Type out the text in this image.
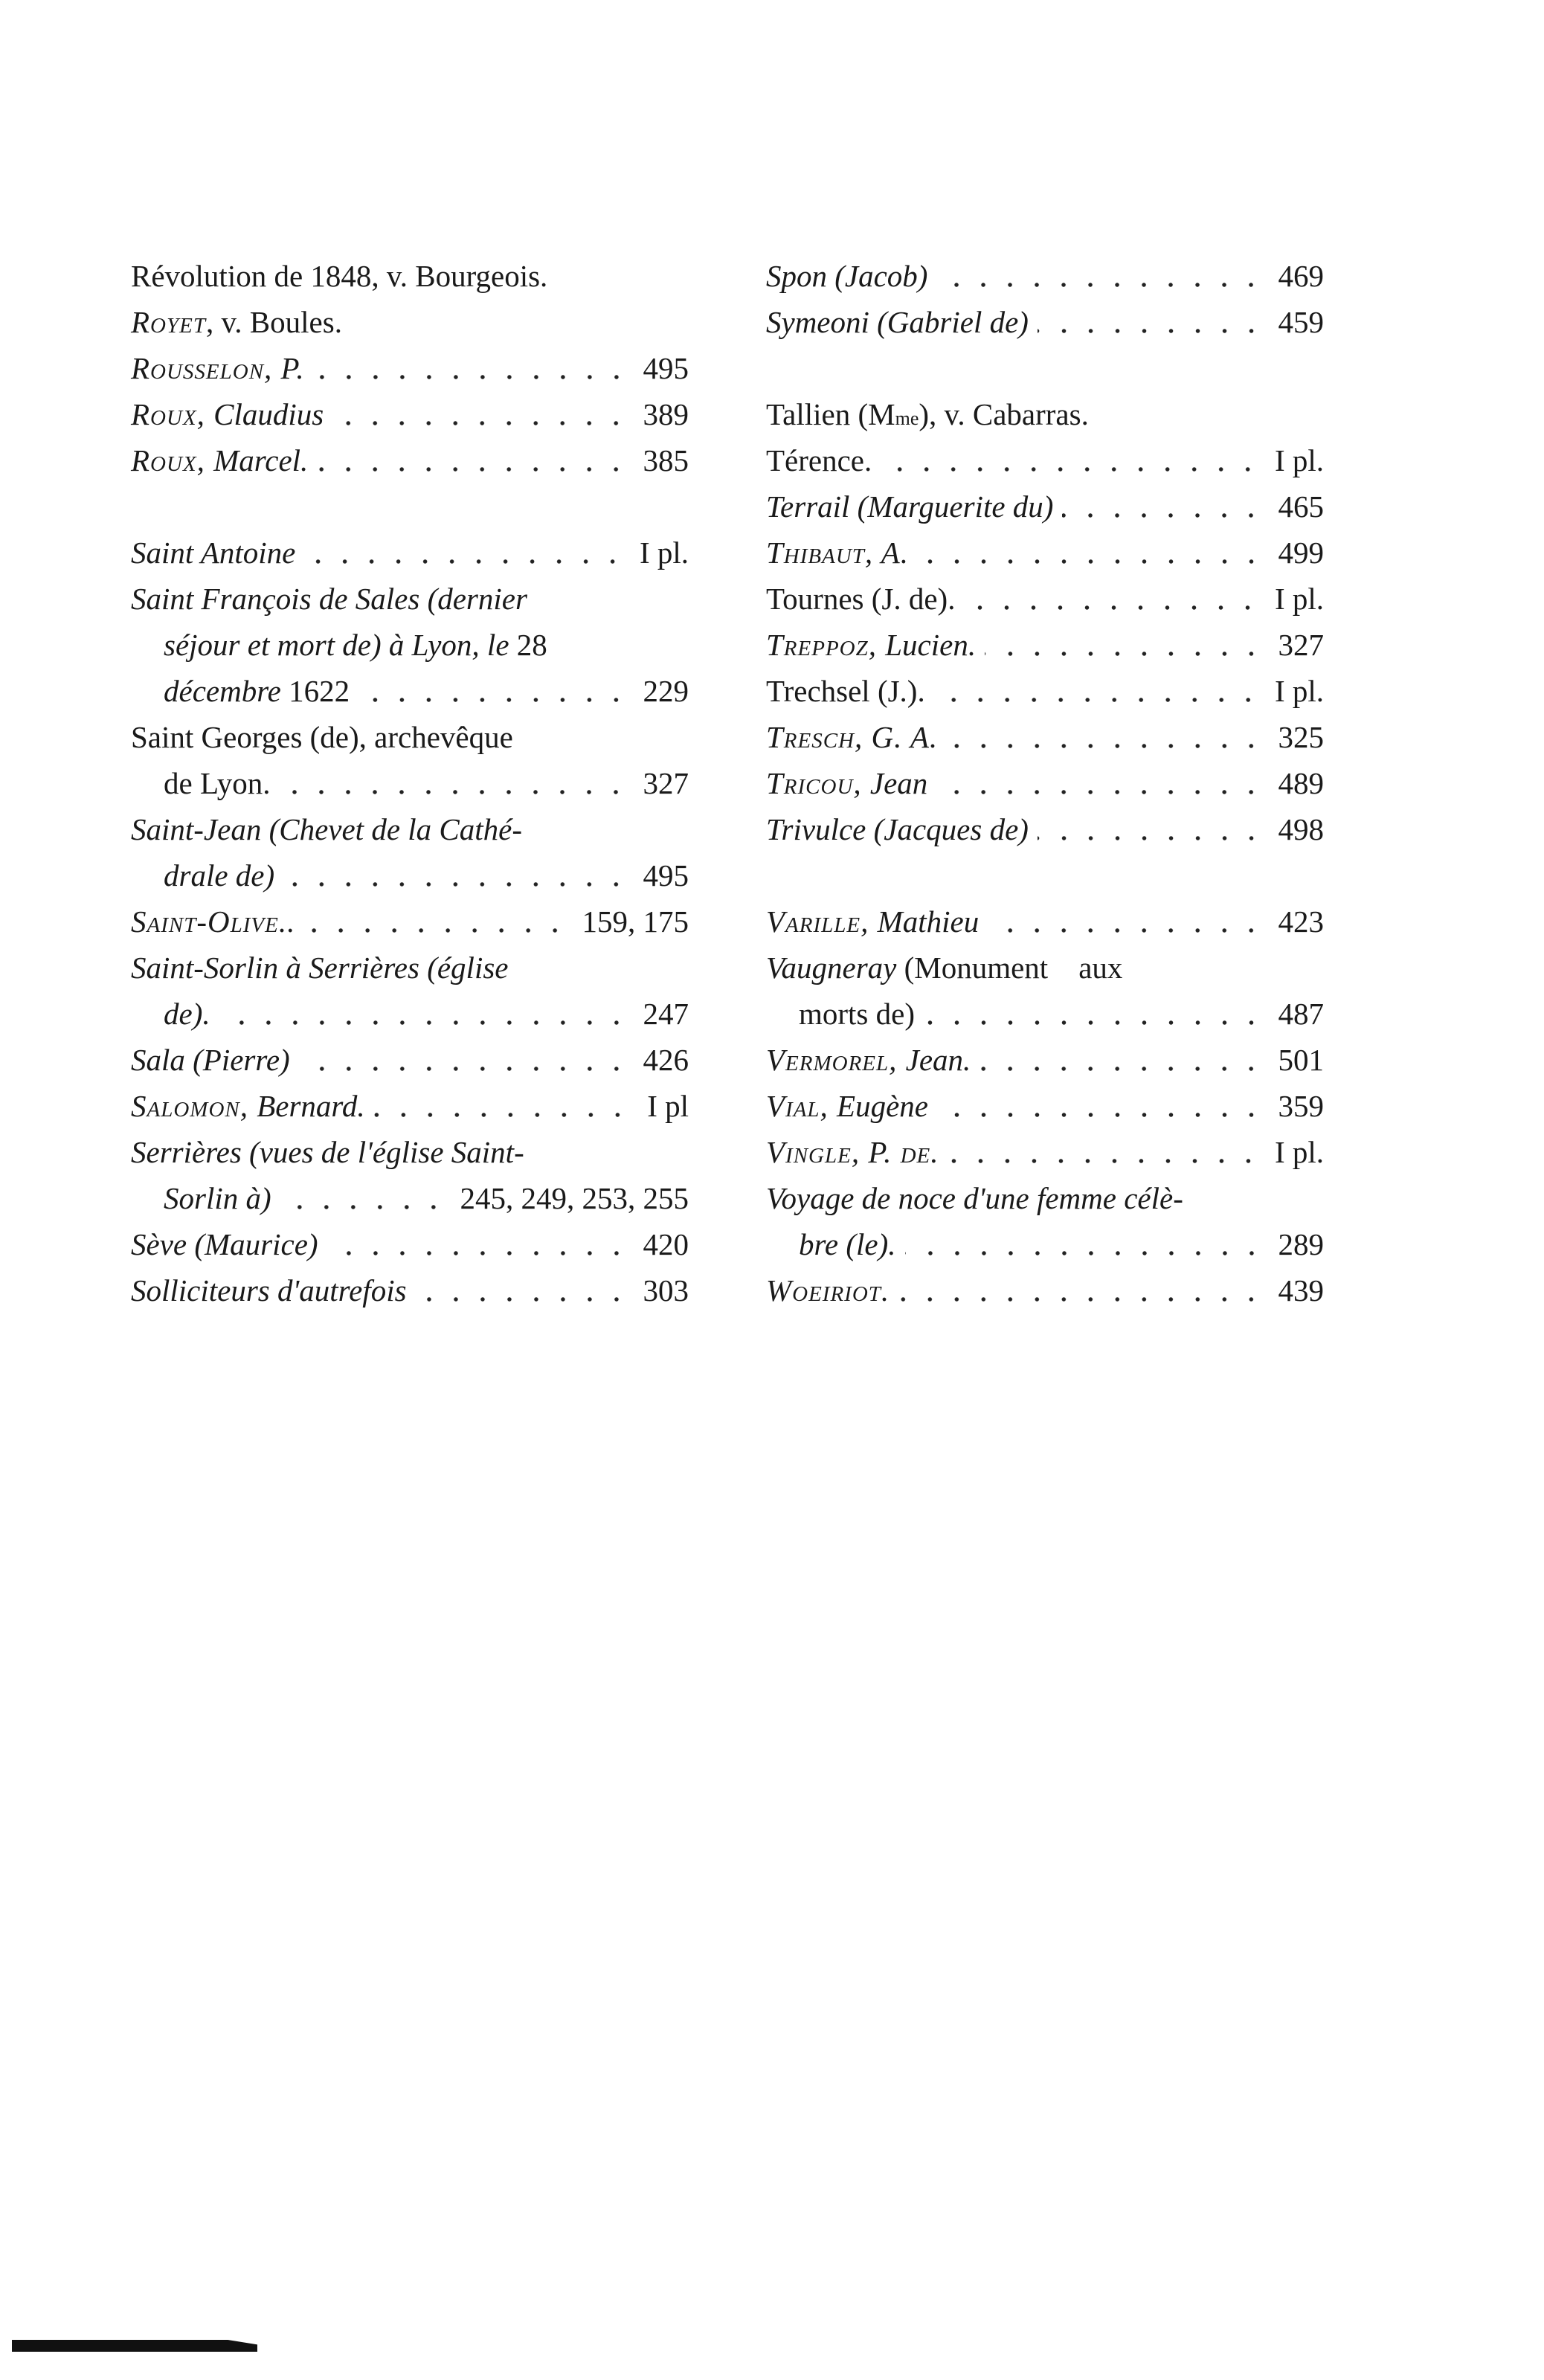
Révolution de 1848, v. Bourgeois.
Royet , v. Boules.
Rousselon, P.	495
Roux, Claudius	389
Roux, Marcel.	385
Saint Antoine	I pl.
Saint François de Sales (dernier
séjour et mort de) à Lyon, le 28
décembre 1622	229
Saint Georges (de), archevêque
de Lyon.	327
Saint-Jean (Chevet de la Cathé-
drale de)	495
Saint-Olive..	159, 175
Saint-Sorlin à Serrières (église
de).	247
Sala (Pierre)	426
Salomon, Bernard.	I pl
Serrières (vues de l'église Saint-
Sorlin à)	245, 249, 253, 255
Sève (Maurice)	420
Solliciteurs d'autrefois	303
Spon (Jacob)	469
Symeoni (Gabriel de)	459
Tallien (M me ), v. Cabarras.
Térence.	I pl.
Terrail (Marguerite du)	465
Thibaut, A.	499
Tournes (J. de).	I pl.
Treppoz, Lucien.	327
Trechsel (J.).	I pl.
Tresch, G. A.	325
Tricou, Jean	489
Trivulce (Jacques de)	498
Varille, Mathieu	423
Vaugneray (Monument    aux
morts de)	487
Vermorel, Jean.	501
Vial, Eugène	359
Vingle, P. de.	I pl.
Voyage de noce d'une femme célè-
bre (le).	289
Woeiriot.	439
